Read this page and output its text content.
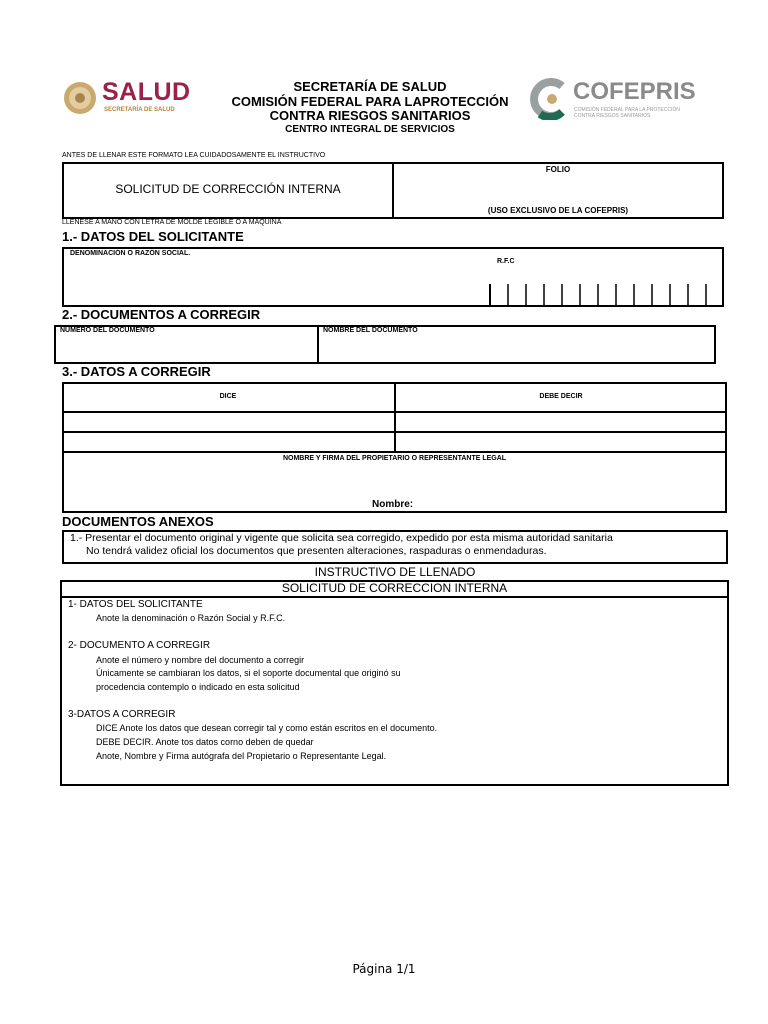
SALUD
SECRETARÍA DE SALUD
SECRETARÍA DE SALUD
COMISIÓN FEDERAL PARA LAPROTECCIÓN
CONTRA RIESGOS SANITARIOS
CENTRO INTEGRAL DE SERVICIOS
COFEPRIS
COMISIÓN FEDERAL PARA LA PROTECCIÓN
CONTRA RIESGOS SANITARIOS
ANTES DE LLENAR ESTE FORMATO LEA CUIDADOSAMENTE EL INSTRUCTIVO
SOLICITUD DE CORRECCIÓN INTERNA
FOLIO
(USO EXCLUSIVO DE LA COFEPRIS)
LLÉNESE A MANO CON LETRA DE MOLDE LEGIBLE O A MÁQUINA
1.- DATOS DEL SOLICITANTE
DENOMINACIÓN O RAZÓN SOCIAL.
R.F.C
2.- DOCUMENTOS A CORREGIR
NUMERO DEL DOCUMENTO	NOMBRE DEL DOCUMENTO
3.- DATOS A CORREGIR
DICE	DEBE DECIR
NOMBRE Y FIRMA DEL PROPIETARIO O REPRESENTANTE LEGAL
Nombre:
DOCUMENTOS ANEXOS
1.- Presentar el documento original y vigente que solicita sea corregido, expedido por esta misma autoridad sanitaria
No tendrá validez oficial los documentos que presenten alteraciones, raspaduras o enmendaduras.
INSTRUCTIVO DE LLENADO
SOLICITUD DE CORRECCION INTERNA
1- DATOS DEL SOLICITANTE
Anote la denominación o Razón Social y R.F.C.
2- DOCUMENTO A CORREGIR
Anote el número y nombre del documento a corregir
Únicamente se cambiaran los datos, si el soporte documental que originó su
procedencia contemplo o indicado en esta solicitud
3-DATOS A CORREGIR
DICE Anote los datos que desean corregir tal y como están escritos en el documento.
DEBE DECIR. Anote tos datos corno deben de quedar
Anote, Nombre y Firma autógrafa del Propietario o Representante Legal.
Página 1/1
